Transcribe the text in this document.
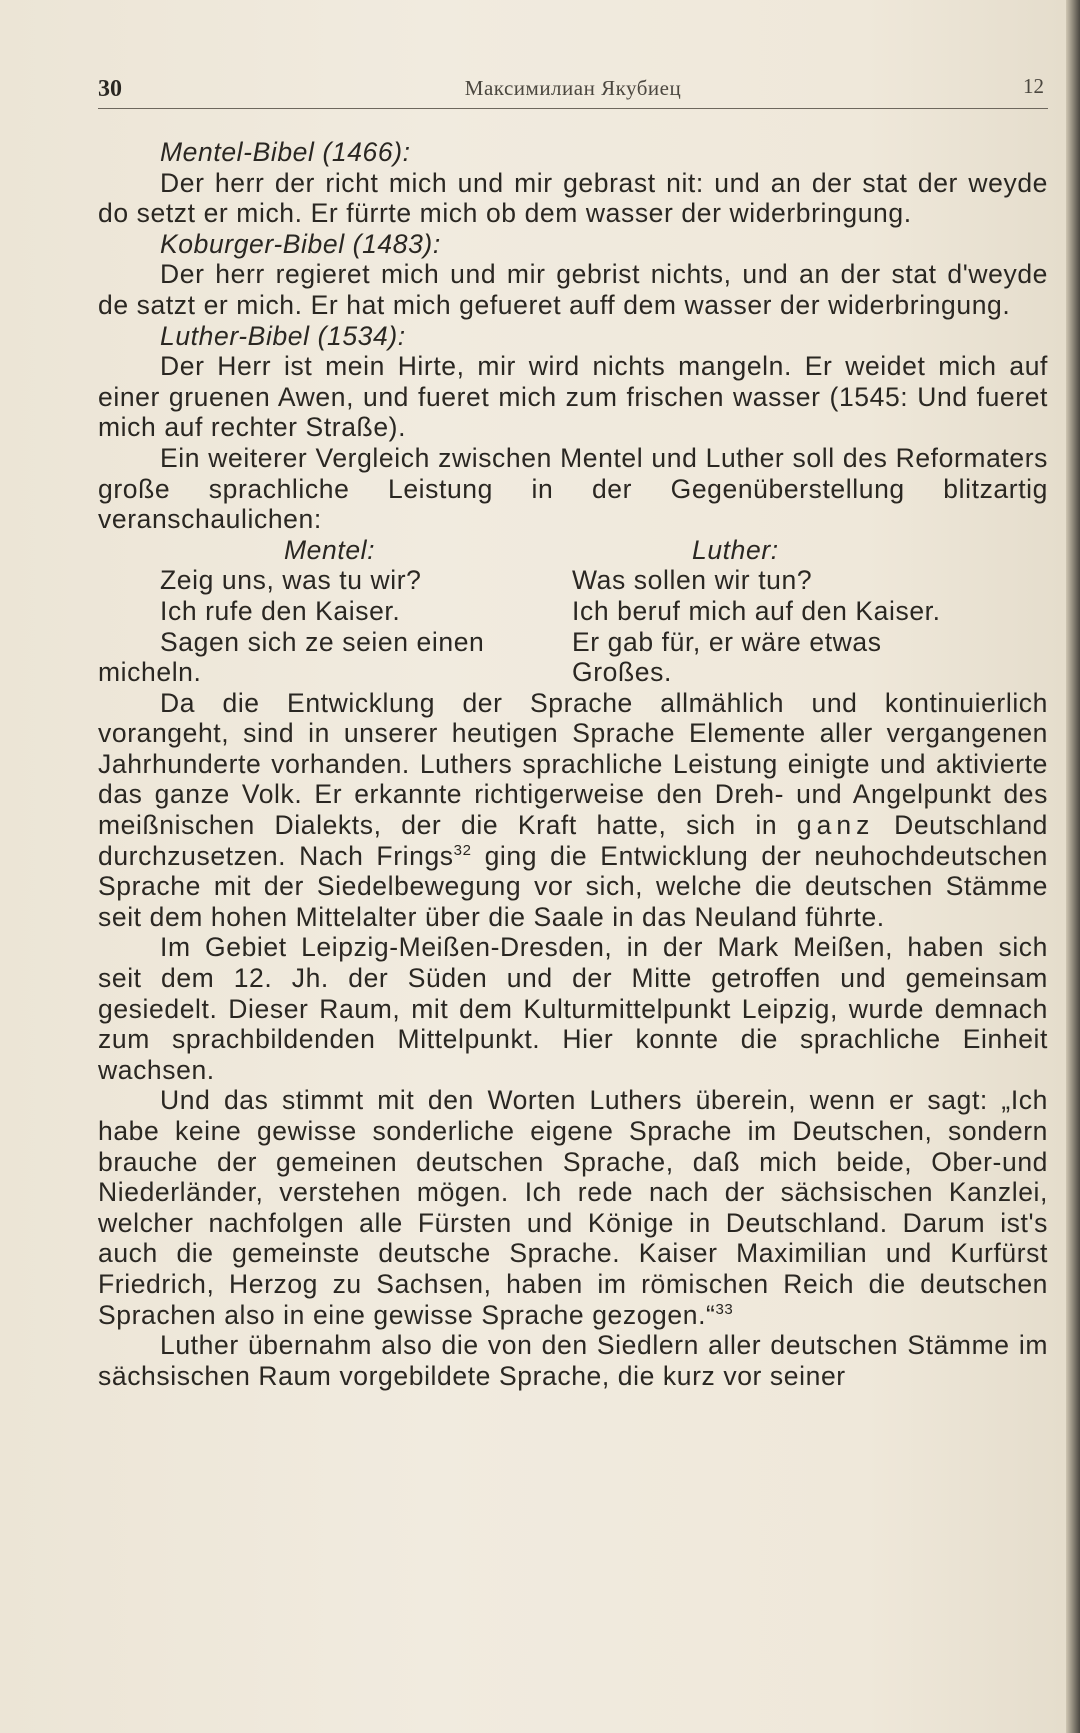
30	Максимилиан Якубиец	12

Mentel-Bibel (1466):

Der herr der richt mich und mir gebrast nit: und an der stat der weyde do setzt er mich. Er fürrte mich ob dem wasser der widerbringung.

Koburger-Bibel (1483):

Der herr regieret mich und mir gebrist nichts, und an der stat d'weyde de satzt er mich. Er hat mich gefueret auff dem wasser der widerbringung.

Luther-Bibel (1534):

Der Herr ist mein Hirte, mir wird nichts mangeln. Er weidet mich auf einer gruenen Awen, und fueret mich zum frischen wasser (1545: Und fueret mich auf rechter Straße).

Ein weiterer Vergleich zwischen Mentel und Luther soll des Reformaters große sprachliche Leistung in der Gegenüberstellung blitzartig veranschaulichen:

Mentel:

Zeig uns, was tu wir?

Ich rufe den Kaiser.

Sagen sich ze seien einen

micheln.

Luther:

Was sollen wir tun?

Ich beruf mich auf den Kaiser.

Er gab für, er wäre etwas

Großes.

Da die Entwicklung der Sprache allmählich und kontinuierlich vorangeht, sind in unserer heutigen Sprache Elemente aller vergangenen Jahrhunderte vorhanden. Luthers sprachliche Leistung einigte und aktivierte das ganze Volk. Er erkannte richtigerweise den Dreh- und Angelpunkt des meißnischen Dialekts, der die Kraft hatte, sich in ganz Deutschland durchzusetzen. Nach Frings$^{32}$ ging die Entwicklung der neuhochdeutschen Sprache mit der Siedelbewegung vor sich, welche die deutschen Stämme seit dem hohen Mittelalter über die Saale in das Neuland führte.

Im Gebiet Leipzig-Meißen-Dresden, in der Mark Meißen, haben sich seit dem 12. Jh. der Süden und der Mitte getroffen und gemeinsam gesiedelt. Dieser Raum, mit dem Kulturmittelpunkt Leipzig, wurde demnach zum sprachbildenden Mittelpunkt. Hier konnte die sprachliche Einheit wachsen.

Und das stimmt mit den Worten Luthers überein, wenn er sagt: „Ich habe keine gewisse sonderliche eigene Sprache im Deutschen, sondern brauche der gemeinen deutschen Sprache, daß mich beide, Ober-und Niederländer, verstehen mögen. Ich rede nach der sächsischen Kanzlei, welcher nachfolgen alle Fürsten und Könige in Deutschland. Darum ist's auch die gemeinste deutsche Sprache. Kaiser Maximilian und Kurfürst Friedrich, Herzog zu Sachsen, haben im römischen Reich die deutschen Sprachen also in eine gewisse Sprache gezogen.“$^{33}$

Luther übernahm also die von den Siedlern aller deutschen Stämme im sächsischen Raum vorgebildete Sprache, die kurz vor seiner
